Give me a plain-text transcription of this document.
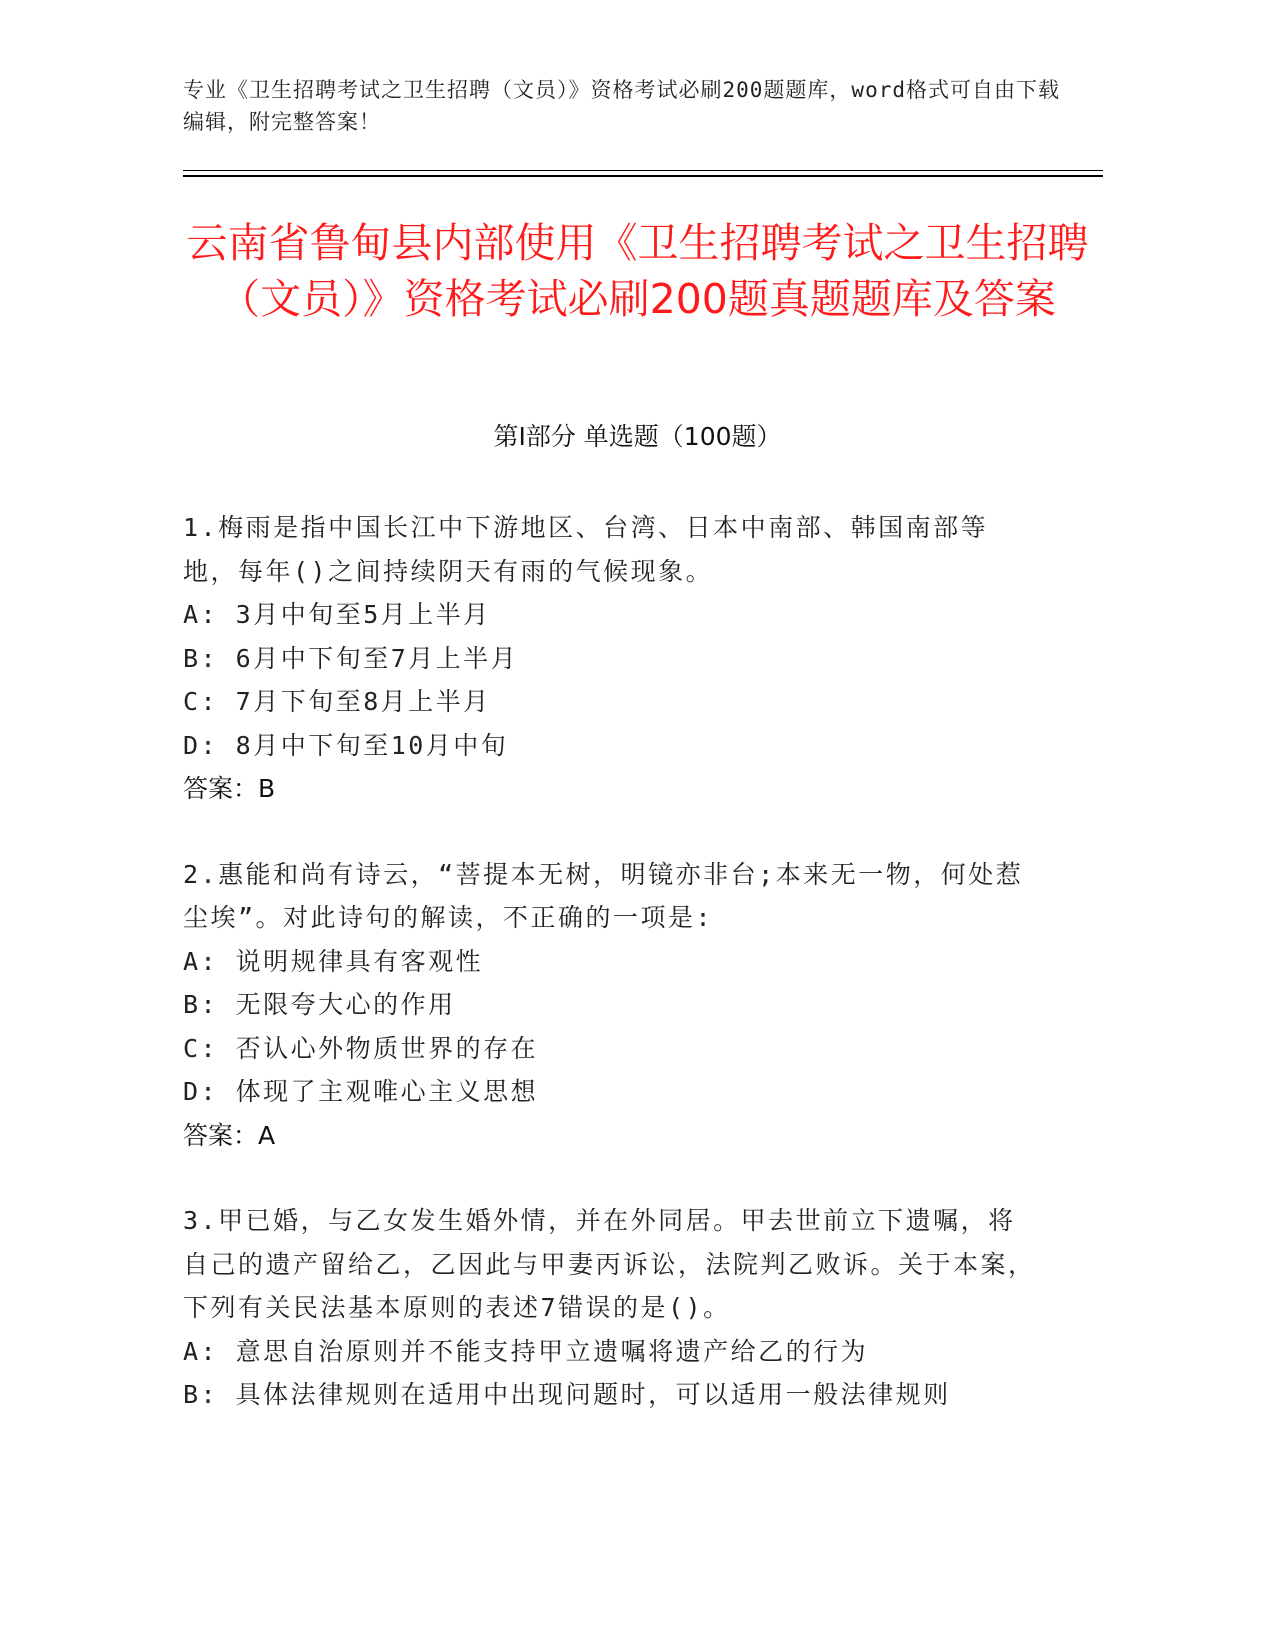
专业《卫生招聘考试之卫生招聘（文员）》资格考试必刷200题题库，word格式可自由下载编辑，附完整答案！
云南省鲁甸县内部使用《卫生招聘考试之卫生招聘（文员）》资格考试必刷200题真题题库及答案
第I部分 单选题（100题）
1.梅雨是指中国长江中下游地区、台湾、日本中南部、韩国南部等地，每年()之间持续阴天有雨的气候现象。
A: 3月中旬至5月上半月
B: 6月中下旬至7月上半月
C: 7月下旬至8月上半月
D: 8月中下旬至10月中旬
答案：B
2.惠能和尚有诗云，“菩提本无树，明镜亦非台;本来无一物，何处惹尘埃”。对此诗句的解读，不正确的一项是:
A: 说明规律具有客观性
B: 无限夸大心的作用
C: 否认心外物质世界的存在
D: 体现了主观唯心主义思想
答案：A
3.甲已婚，与乙女发生婚外情，并在外同居。甲去世前立下遗嘱，将自己的遗产留给乙，乙因此与甲妻丙诉讼，法院判乙败诉。关于本案，下列有关民法基本原则的表述7错误的是()。
A: 意思自治原则并不能支持甲立遗嘱将遗产给乙的行为
B: 具体法律规则在适用中出现问题时，可以适用一般法律规则
